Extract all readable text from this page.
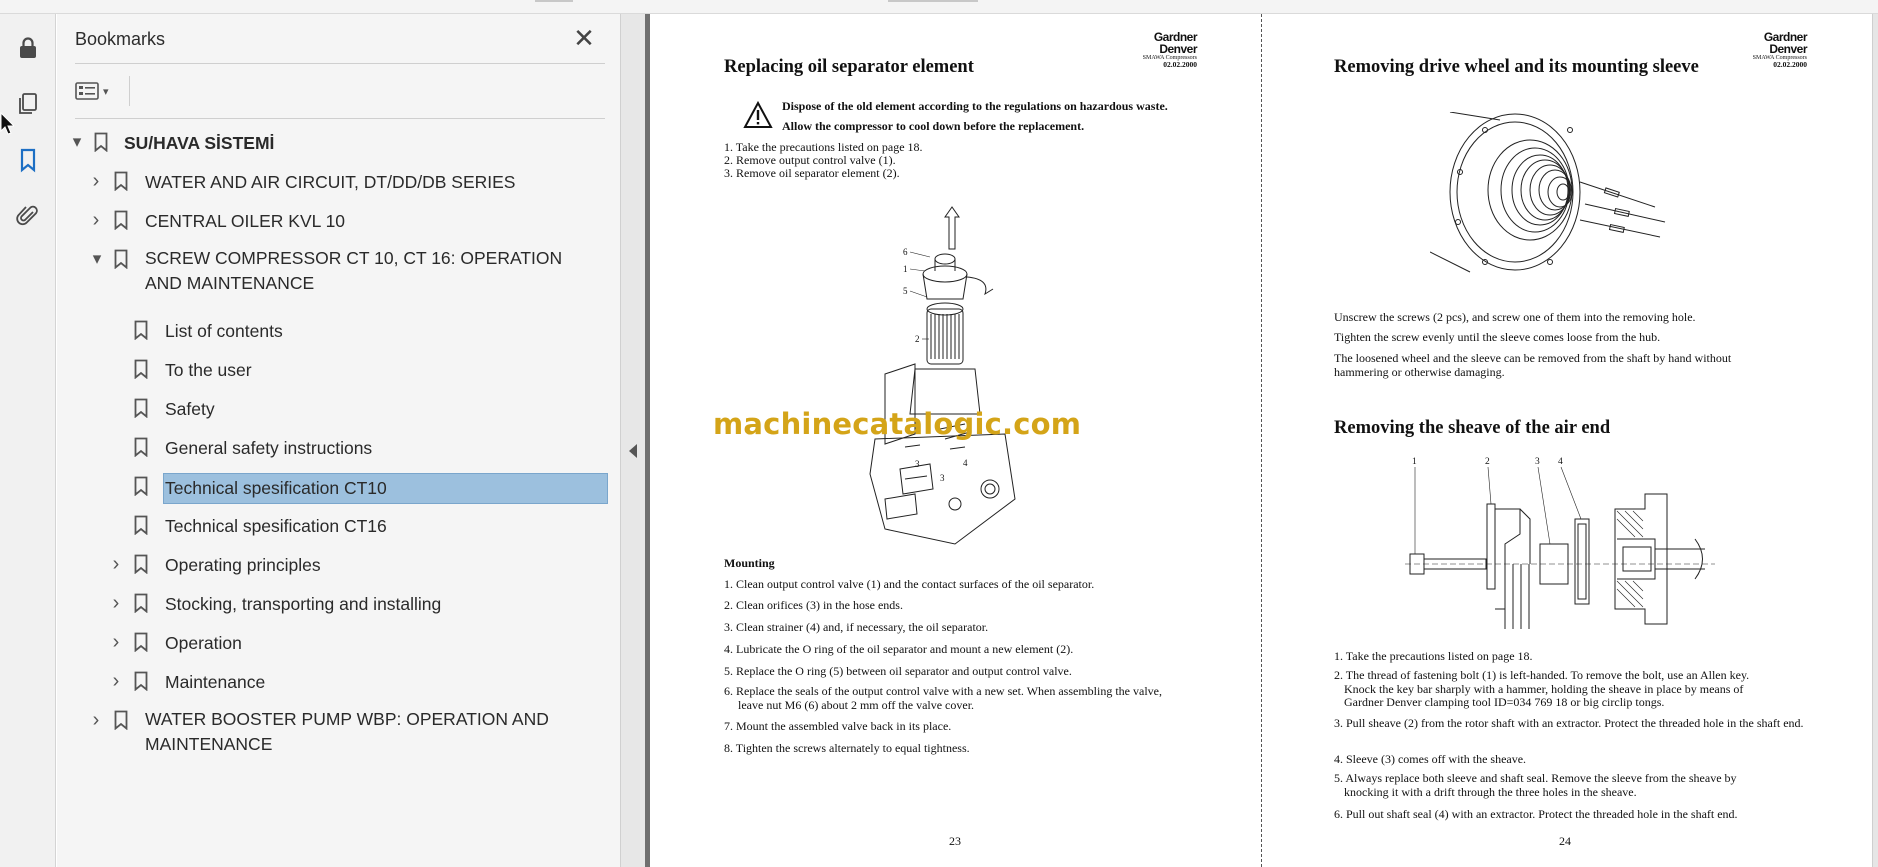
Bookmarks	✕
▾
▾ SU/HAVA SİSTEMİ
›	WATER AND AIR CIRCUIT, DT/DD/DB SERIES
›	CENTRAL OILER KVL 10
▾ SCREW COMPRESSOR CT 10, CT 16: OPERATION AND MAINTENANCE
List of contents
To the user
Safety
General safety instructions
Technical spesification CT10
Technical spesification CT16
›	Operating principles
›	Stocking, transporting and installing
›	Operation
›	Maintenance
›	WATER BOOSTER PUMP WBP: OPERATION AND MAINTENANCE
Gardner
Denver
SMAWA Compressors
02.02.2000
Replacing oil separator element
Dispose of the old element according to the regulations on hazardous waste.
Allow the compressor to cool down before the replacement.
1. Take the precautions listed on page 18.
2. Remove output control valve (1).
3. Remove oil separator element (2).
6
1
5
2
3
3
4
machinecatalogic.com
Mounting
1. Clean output control valve (1) and the contact surfaces of the oil separator.
2. Clean orifices (3) in the hose ends.
3. Clean strainer (4) and, if necessary, the oil separator.
4. Lubricate the O ring of the oil separator and mount a new element (2).
5. Replace the O ring (5) between oil separator and output control valve.
6. Replace the seals of the output control valve with a new set. When assembling the valve, leave nut M6 (6) about 2 mm off the valve cover.
7. Mount the assembled valve back in its place.
8. Tighten the screws alternately to equal tightness.
23
Gardner
Denver
SMAWA Compressors
02.02.2000
Removing drive wheel and its mounting sleeve
Unscrew the screws (2 pcs), and screw one of them into the removing hole.
Tighten the screw evenly until the sleeve comes loose from the hub.
The loosened wheel and the sleeve can be removed from the shaft by hand without hammering or otherwise damaging.
Removing the sheave of the air end
1	2	3 4
1. Take the precautions listed on page 18.
2. The thread of fastening bolt (1) is left-handed. To remove the bolt, use an Allen key. Knock the key bar sharply with a hammer, holding the sheave in place by means of Gardner Denver clamping tool ID=034 769 18 or big circlip tongs.
3. Pull sheave (2) from the rotor shaft with an extractor. Protect the threaded hole in the shaft end.
4. Sleeve (3) comes off with the sheave.
5. Always replace both sleeve and shaft seal. Remove the sleeve from the sheave by knocking it with a drift through the three holes in the sheave.
6. Pull out shaft seal (4) with an extractor. Protect the threaded hole in the shaft end.
24
